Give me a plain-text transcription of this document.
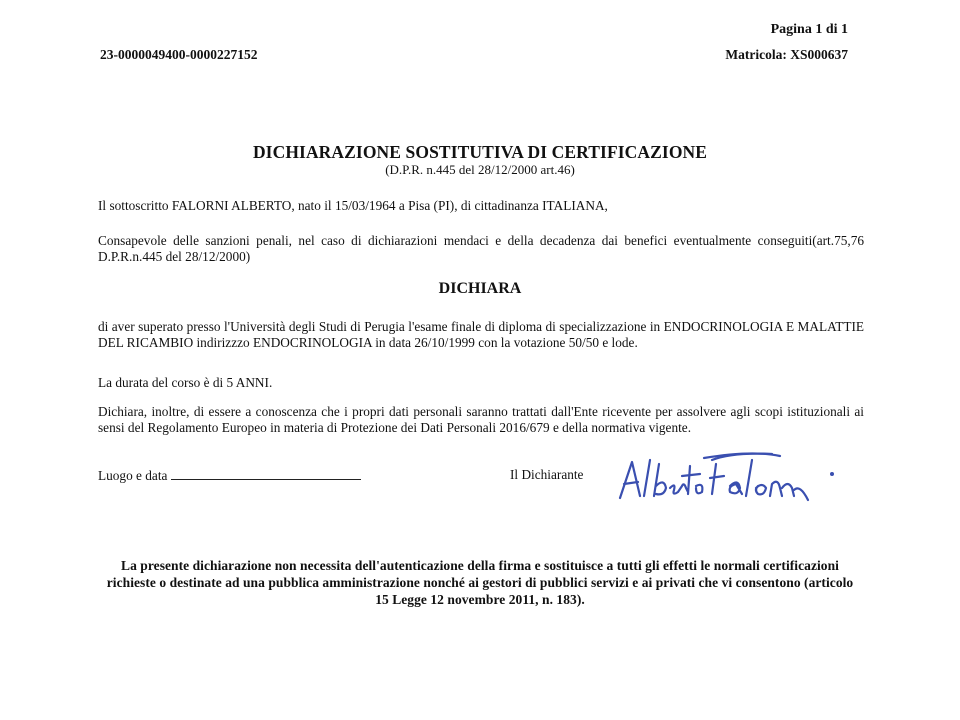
Pagina 1 di 1
23-0000049400-0000227152	Matricola: XS000637
DICHIARAZIONE SOSTITUTIVA DI CERTIFICAZIONE
(D.P.R. n.445 del 28/12/2000 art.46)
Il sottoscritto FALORNI ALBERTO, nato il 15/03/1964 a Pisa (PI), di cittadinanza ITALIANA,
Consapevole delle sanzioni penali, nel caso di dichiarazioni mendaci e della decadenza dai benefici eventualmente conseguiti(art.75,76 D.P.R.n.445 del 28/12/2000)
DICHIARA
di aver superato presso l'Università degli Studi di Perugia l'esame finale di diploma di specializzazione in ENDOCRINOLOGIA E MALATTIE DEL RICAMBIO indirizzzo ENDOCRINOLOGIA in data 26/10/1999 con la votazione 50/50 e lode.
La durata del corso è di 5 ANNI.
Dichiara, inoltre, di essere a conoscenza che i propri dati personali saranno trattati dall'Ente ricevente per assolvere agli scopi istituzionali ai sensi del Regolamento Europeo in materia di Protezione dei Dati Personali 2016/679 e della normativa vigente.
Luogo e data	Il Dichiarante
La presente dichiarazione non necessita dell'autenticazione della firma e sostituisce a tutti gli effetti le normali certificazioni richieste o destinate ad una pubblica amministrazione nonché ai gestori di pubblici servizi e ai privati che vi consentono (articolo 15 Legge 12 novembre 2011, n. 183).
